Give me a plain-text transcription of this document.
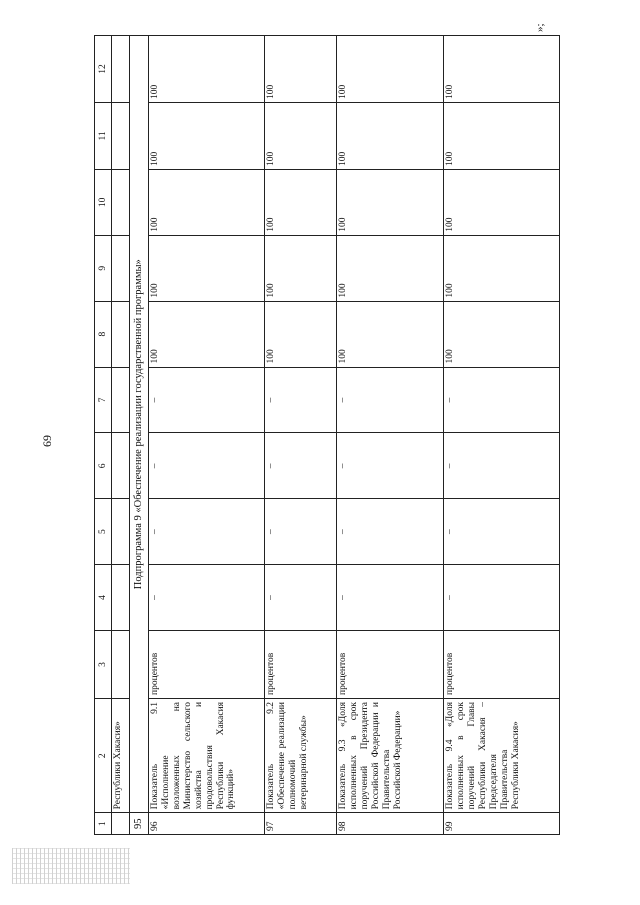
69
»;
1	2	3	4	5	6	7	8	9	10	11	12
	Республики Хакасия»										
95	Подпрограмма 9 «Обеспечение реализации государственной программы»										
96	Показатель 9.1 «Исполнение возложенных на Министерство сельского хозяйства и продовольствия Республики Хакасия функций»	процентов	–	–	–	–	100	100	100	100	100
97	Показатель 9.2 «Обеспечение реализации полномочий ветеринарной службы»	процентов	–	–	–	–	100	100	100	100	100
98	Показатель 9.3 «Доля исполненных в срок поручений Президента Российской Федерации и Правительства Российской Федерации»	процентов	–	–	–	–	100	100	100	100	100
99	Показатель 9.4 «Доля исполненных в срок поручений Главы Республики Хакасия – Председателя Правительства Республики Хакасия»	процентов	–	–	–	–	100	100	100	100	100
